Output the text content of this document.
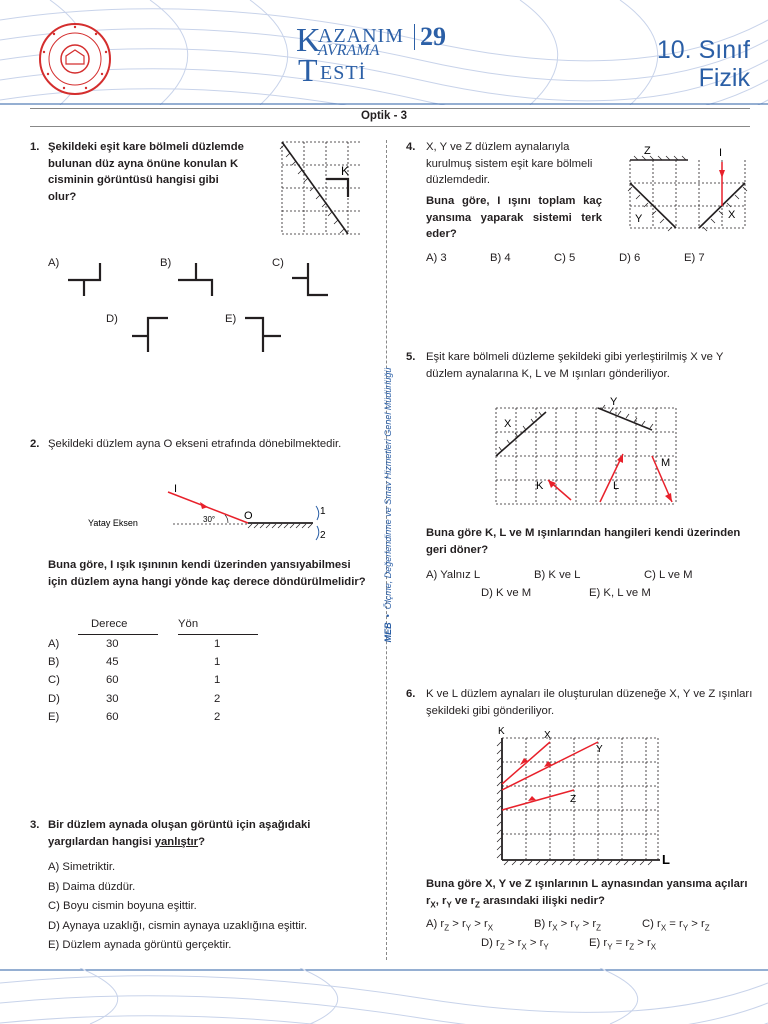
K
AZANIM
AVRAMA
T ESTİ
29	10. Sınıf
Fizik
Optik - 3
MEB  •  Ölçme, Değerlendirme ve Sınav Hizmetleri Genel Müdürlüğü
1. Şekildeki eşit kare bölmeli düzlemde bulunan düz ayna önüne konulan K cisminin görüntüsü hangisi gibi olur?
K
A)	B)	C)
D)	E)
2. Şekildeki düzlem ayna O ekseni etrafında dönebilmektedir.
I
Yatay Eksen	30°	O	1
2
Buna göre, I ışık ışınının kendi üzerinden yansıyabilmesi için düzlem ayna hangi yönde kaç derece döndürülmelidir?
Derece	Yön
A)	30	1
B)	45	1
C)	60	1
D)	30	2
E)	60	2
3. Bir düzlem aynada oluşan görüntü için aşağıdaki yargılardan hangisi yanlıştır?
A) Simetriktir.
B) Daima düzdür.
C) Boyu cismin boyuna eşittir.
D) Aynaya uzaklığı, cismin aynaya uzaklığına eşittir.
E) Düzlem aynada görüntü gerçektir.
4. X, Y ve Z düzlem aynalarıyla kurulmuş sistem eşit kare bölmeli düzlemdedir.
Buna göre, I ışını toplam kaç yansıma yaparak sistemi terk eder?
Z	I
Y	X
A) 3	B) 4	C) 5	D) 6	E) 7
5. Eşit kare bölmeli düzleme şekildeki gibi yerleştirilmiş X ve Y düzlem aynalarına K, L ve M ışınları gönderiliyor.
X
Y
K	L
M
Buna göre K, L ve M ışınlarından hangileri kendi üzerinden geri döner?
A) Yalnız L	B) K ve L	C) L ve M
D) K ve M	E) K, L ve M
6. K ve L düzlem aynaları ile oluşturulan düzeneğe X, Y ve Z ışınları şekildeki gibi gönderiliyor.
K
L
X
Y
Z
Buna göre X, Y ve Z ışınlarının L aynasından yansıma açıları $r_X$, $r_Y$ ve $r_Z$ arasındaki ilişki nedir?
A) $r_Z > r_Y > r_X$	B) $r_X > r_Y > r_Z$	C) $r_X = r_Y > r_Z$
D) $r_Z > r_X > r_Y$	E) $r_Y = r_Z > r_X$
